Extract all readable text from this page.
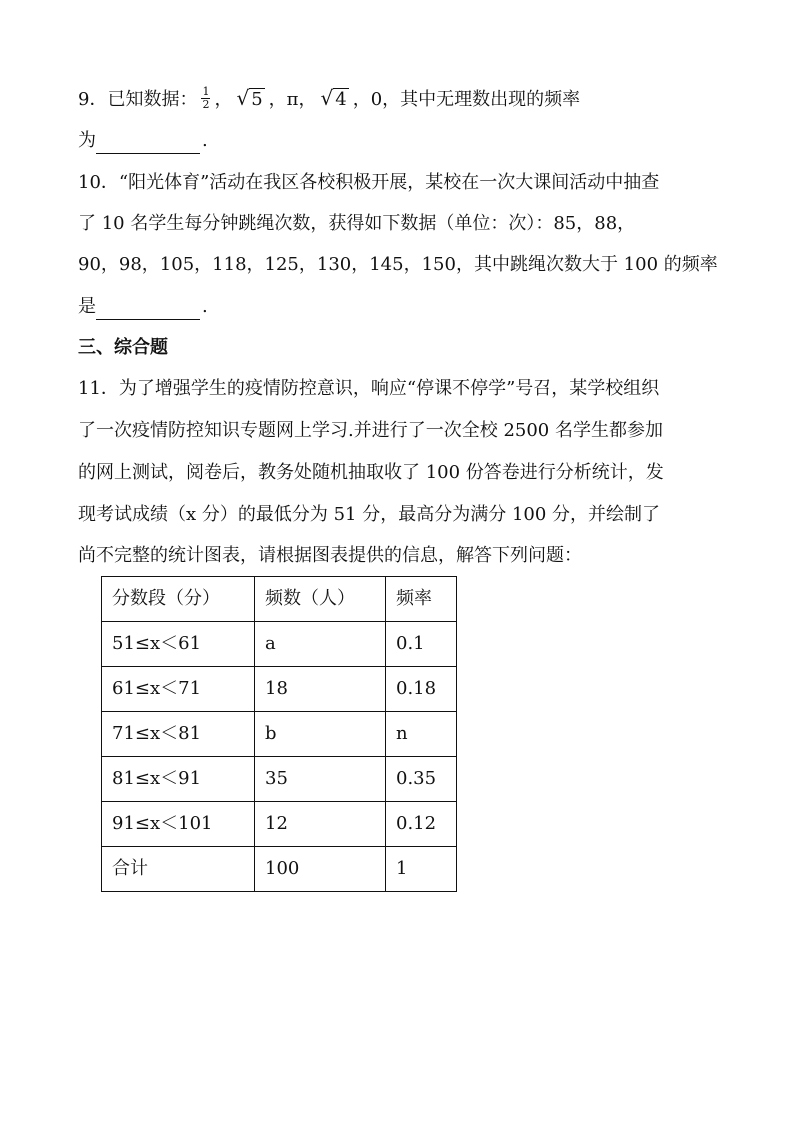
9．已知数据： $\frac{1}{2}$ ， √ 5 ，π， √ 4 ，0，其中无理数出现的频率
为	.
10．“阳光体育”活动在我区各校积极开展，某校在一次大课间活动中抽查
了 10 名学生每分钟跳绳次数，获得如下数据（单位：次）：85，88，
90，98，105，118，125，130，145，150，其中跳绳次数大于 100 的频率
是	.
三、综合题
11．为了增强学生的疫情防控意识，响应“停课不停学”号召，某学校组织
了一次疫情防控知识专题网上学习.并进行了一次全校 2500 名学生都参加
的网上测试，阅卷后，教务处随机抽取收了 100 份答卷进行分析统计，发
现考试成绩（x 分）的最低分为 51 分，最高分为满分 100 分，并绘制了
尚不完整的统计图表，请根据图表提供的信息，解答下列问题：
分数段（分）	频数（人）	频率
51≤x＜61	a	0.1
61≤x＜71	18	0.18
71≤x＜81	b	n
81≤x＜91	35	0.35
91≤x＜101	12	0.12
合计	100	1
